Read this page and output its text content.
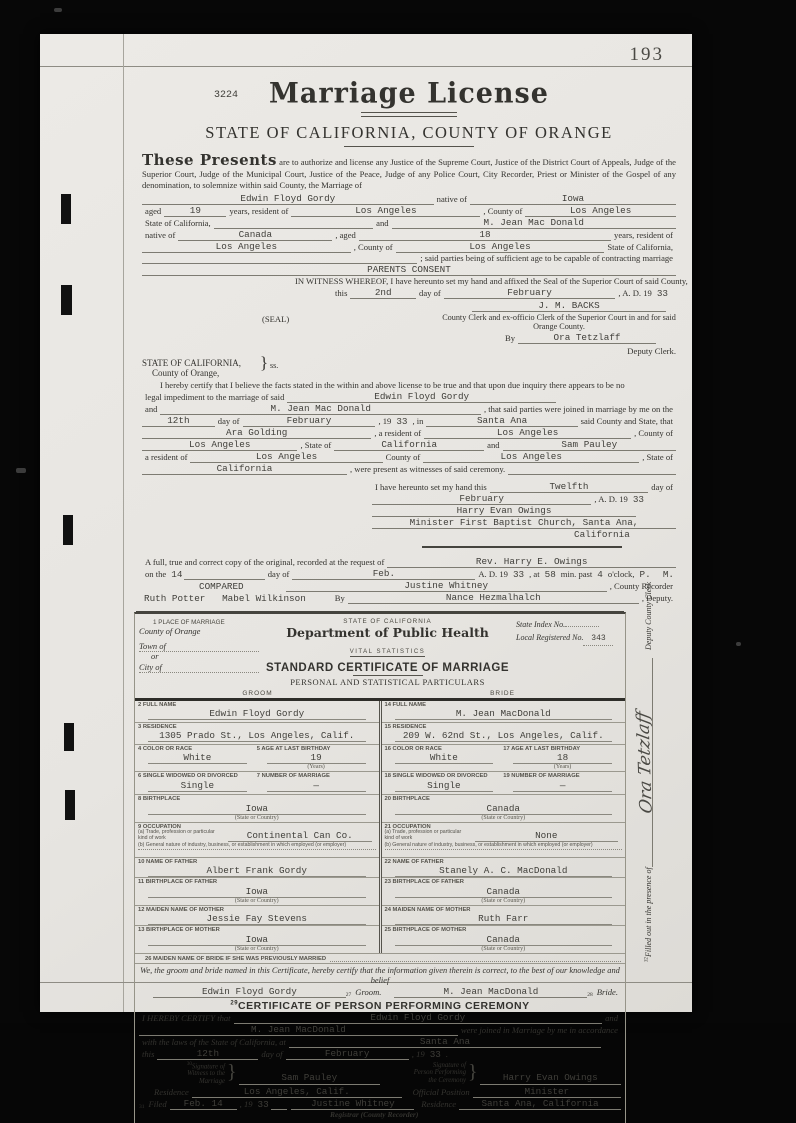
193
3224	Marriage License
STATE OF CALIFORNIA, COUNTY OF ORANGE

These Presents are to authorize and license any Justice of the Supreme Court, Justice of the District Court of Appeals, Judge of the Superior Court, Judge of the Municipal Court, Justice of the Peace, Judge of any Police Court, City Recorder, Priest or Minister of the Gospel of any denomination, to solemnize within said County, the Marriage of

Edwin Floyd Gordy	native of	Iowa
aged	19	years, resident of	Los Angeles	, County of	Los Angeles
State of California,	and	M. Jean Mac Donald
native of	Canada	, aged	18	years, resident of
Los Angeles	, County of	Los Angeles	State of California,
; said parties being of sufficient age to be capable of contracting marriage
PARENTS CONSENT
IN WITNESS WHEREOF, I have hereunto set my hand and affixed the Seal of the Superior Court of said County,
this	2nd	day of	February	, A. D. 19 33
(SEAL)
J. M. BACKS
County Clerk and ex-officio Clerk of the Superior Court in and for said Orange County.
By	Ora Tetzlaff
Deputy Clerk.
STATE OF CALIFORNIA,
County of Orange,
} ss.

I hereby certify that I believe the facts stated in the within and above license to be true and that upon due inquiry there appears to be no

legal impediment to the marriage of said	Edwin Floyd Gordy
and	M. Jean Mac Donald	, that said parties were joined in marriage by me on the
12th	day of	February	, 19 33 , in	Santa Ana	said County and State, that
Ara Golding	, a resident of	Los Angeles	, County of
Los Angeles	, State of	California	and	Sam Pauley
a resident of	Los Angeles	County of	Los Angeles	, State of
California	, were present as witnesses of said ceremony.
I have hereunto set my hand this	Twelfth	day of
February	, A. D. 19 33
Harry Evan Owings
Minister First Baptist Church, Santa Ana,
California
A full, true and correct copy of the original, recorded at the request of	Rev. Harry E. Owings
on the 14	day of	Feb.	A. D. 19 33 , at 58 min. past 4 o'clock, P.
M.
COMPARED	Justine Whitney	, County Recorder
Ruth Potter   Mabel Wilkinson	By	Nance Hezmalhalch	, Deputy.
1 PLACE OF MARRIAGE
County of Orange
Town of
or
City of
STATE OF CALIFORNIA
Department of Public Health
VITAL STATISTICS
STANDARD CERTIFICATE OF MARRIAGE
PERSONAL AND STATISTICAL PARTICULARS
State Index No.
Local Registered No. 343
GROOM	BRIDE
2 FULL NAME
Edwin Floyd Gordy
3 RESIDENCE
1305 Prado St., Los Angeles, Calif.
4 COLOR OR RACE
White
5 AGE AT LAST BIRTHDAY
19
(Years)
6 SINGLE WIDOWED OR DIVORCED
Single
7 NUMBER OF MARRIAGE
—
8 BIRTHPLACE
Iowa
(State or Country)
9 OCCUPATION
(a) Trade, profession or particular kind of work	Continental Can Co.
(b) General nature of industry, business, or establishment in which employed (or employer)
10 NAME OF FATHER
Albert Frank Gordy
11 BIRTHPLACE OF FATHER
Iowa
(State or Country)
12 MAIDEN NAME OF MOTHER
Jessie Fay Stevens
13 BIRTHPLACE OF MOTHER
Iowa
(State or Country)
14 FULL NAME
M. Jean MacDonald
15 RESIDENCE
209 W. 62nd St., Los Angeles, Calif.
16 COLOR OR RACE
White
17 AGE AT LAST BIRTHDAY
18
(Years)
18 SINGLE WIDOWED OR DIVORCED
Single
19 NUMBER OF MARRIAGE
—
20 BIRTHPLACE
Canada
(State or Country)
21 OCCUPATION
(a) Trade, profession or particular kind of work	None
(b) General nature of industry, business, or establishment in which employed (or employer)
22 NAME OF FATHER
Stanely A. C. MacDonald
23 BIRTHPLACE OF FATHER
Canada
(State or Country)
24 MAIDEN NAME OF MOTHER
Ruth Farr
25 BIRTHPLACE OF MOTHER
Canada
(State or Country)
26 MAIDEN NAME OF BRIDE IF SHE WAS PREVIOUSLY MARRIED
We, the groom and bride named in this Certificate, hereby certify that the information given therein is correct, to the best of our knowledge and belief
Edwin Floyd Gordy	$_{27}$ Groom.	M. Jean MacDonald	$_{28}$ Bride.
$^{29}$CERTIFICATE OF PERSON PERFORMING CEREMONY
I HEREBY CERTIFY that	Edwin Floyd Gordy	and
M. Jean MacDonald	were joined in Marriage by me in accordance
with the laws of the State of California, at	Santa Ana
this	12th	day of	February	, 19 33 .
$^{30}$Signature of
Witness to the
Marriage }	Sam Pauley
Signature of
Person Performing
the Ceremony }	Harry Evan Owings
Residence	Los Angeles, Calif.	Official Position	Minister
31 Filed	Feb. 14	, 19 33	Justine Whitney	Residence	Santa Ana, California
Registrar (County Recorder)
$^{32}$Filled out in the presence of
Ora Tetzlaff
Deputy County Clerk
